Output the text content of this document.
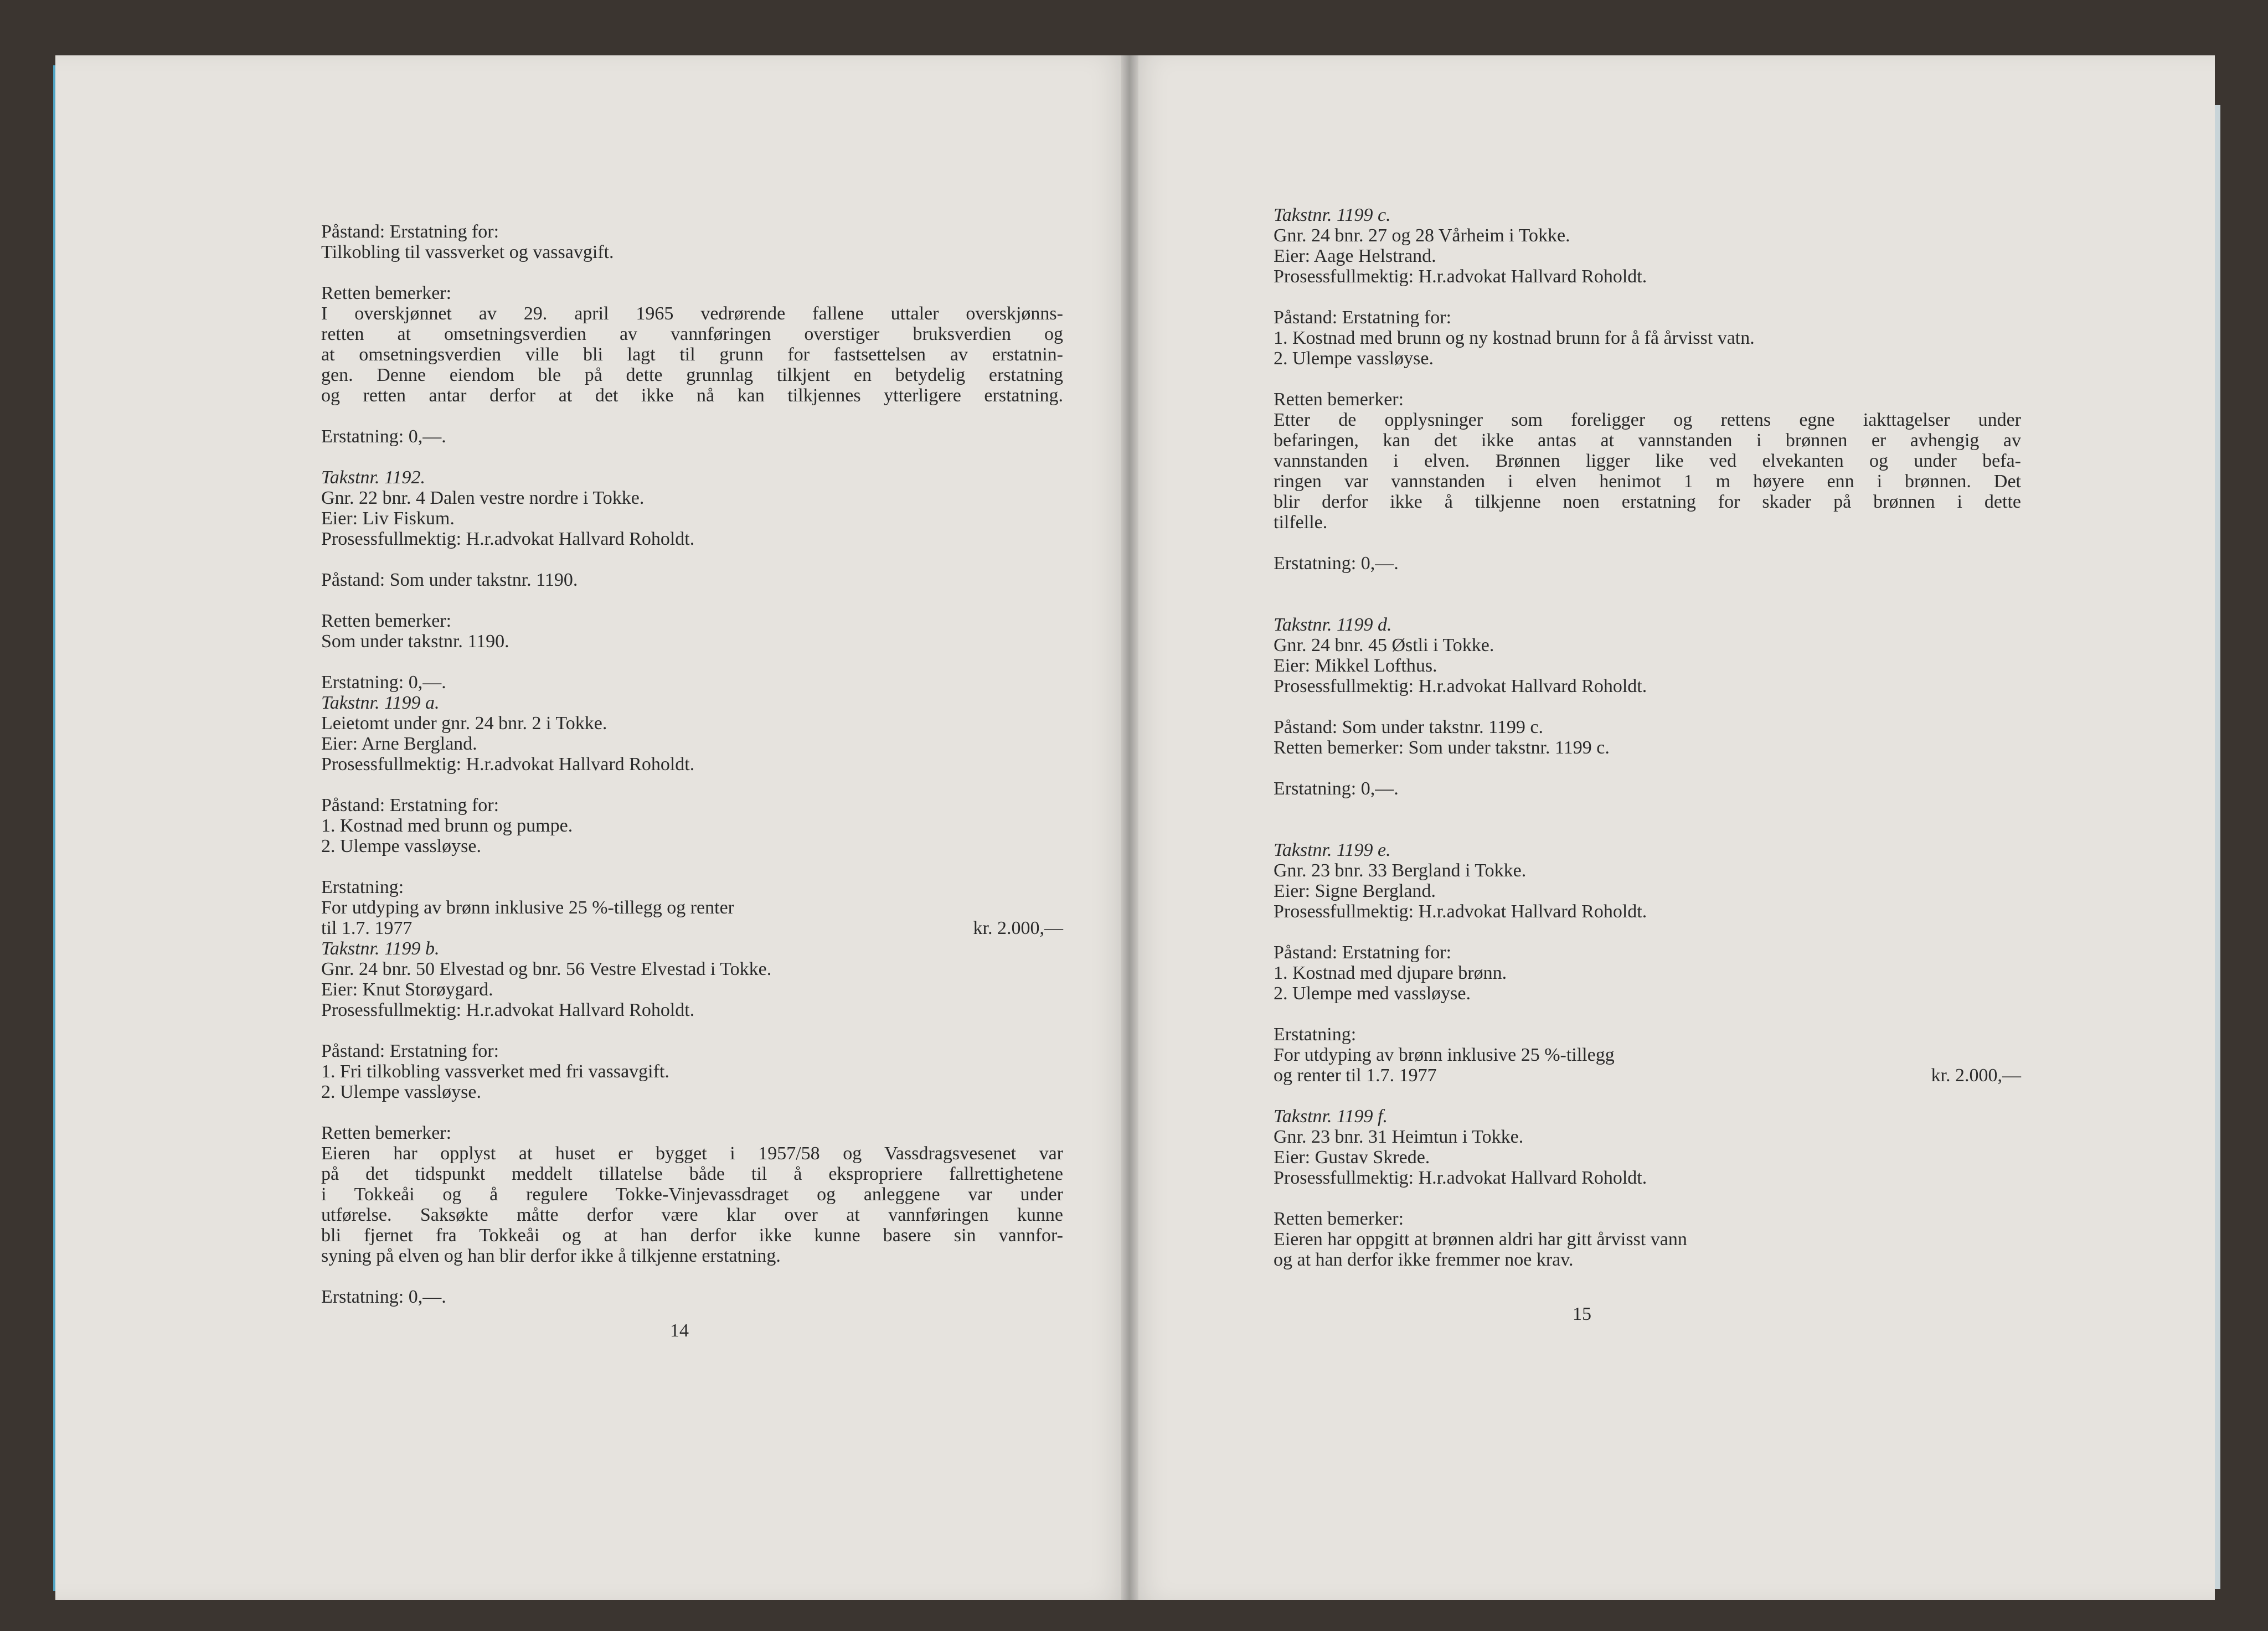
Påstand: Erstatning for:

Tilkobling til vassverket og vassavgift.

Retten bemerker:

I overskjønnet av 29. april 1965 vedrørende fallene uttaler overskjønns-

retten at omsetningsverdien av vannføringen overstiger bruksverdien og

at omsetningsverdien ville bli lagt til grunn for fastsettelsen av erstatnin-

gen. Denne eiendom ble på dette grunnlag tilkjent en betydelig erstatning

og retten antar derfor at det ikke nå kan tilkjennes ytterligere erstatning.

Erstatning: 0,—.

Takstnr. 1192.

Gnr. 22 bnr. 4 Dalen vestre nordre i Tokke.

Eier: Liv Fiskum.

Prosessfullmektig: H.r.advokat Hallvard Roholdt.

Påstand: Som under takstnr. 1190.

Retten bemerker:

Som under takstnr. 1190.

Erstatning: 0,—.

Takstnr. 1199 a.

Leietomt under gnr. 24 bnr. 2 i Tokke.

Eier: Arne Bergland.

Prosessfullmektig: H.r.advokat Hallvard Roholdt.

Påstand: Erstatning for:

1. Kostnad med brunn og pumpe.

2. Ulempe vassløyse.

Erstatning:

For utdyping av brønn inklusive 25 %-tillegg og renter

til 1.7. 1977	kr. 2.000,—

Takstnr. 1199 b.

Gnr. 24 bnr. 50 Elvestad og bnr. 56 Vestre Elvestad i Tokke.

Eier: Knut Storøygard.

Prosessfullmektig: H.r.advokat Hallvard Roholdt.

Påstand: Erstatning for:

1. Fri tilkobling vassverket med fri vassavgift.

2. Ulempe vassløyse.

Retten bemerker:

Eieren har opplyst at huset er bygget i 1957/58 og Vassdragsvesenet var

på det tidspunkt meddelt tillatelse både til å ekspropriere fallrettighetene

i Tokkeåi og å regulere Tokke-Vinjevassdraget og anleggene var under

utførelse. Saksøkte måtte derfor være klar over at vannføringen kunne

bli fjernet fra Tokkeåi og at han derfor ikke kunne basere sin vannfor-

syning på elven og han blir derfor ikke å tilkjenne erstatning.

Erstatning: 0,—.

14

Takstnr. 1199 c.

Gnr. 24 bnr. 27 og 28 Vårheim i Tokke.

Eier: Aage Helstrand.

Prosessfullmektig: H.r.advokat Hallvard Roholdt.

Påstand: Erstatning for:

1. Kostnad med brunn og ny kostnad brunn for å få årvisst vatn.

2. Ulempe vassløyse.

Retten bemerker:

Etter de opplysninger som foreligger og rettens egne iakttagelser under

befaringen, kan det ikke antas at vannstanden i brønnen er avhengig av

vannstanden i elven. Brønnen ligger like ved elvekanten og under befa-

ringen var vannstanden i elven henimot 1 m høyere enn i brønnen. Det

blir derfor ikke å tilkjenne noen erstatning for skader på brønnen i dette

tilfelle.

Erstatning: 0,—.

Takstnr. 1199 d.

Gnr. 24 bnr. 45 Østli i Tokke.

Eier: Mikkel Lofthus.

Prosessfullmektig: H.r.advokat Hallvard Roholdt.

Påstand: Som under takstnr. 1199 c.

Retten bemerker: Som under takstnr. 1199 c.

Erstatning: 0,—.

Takstnr. 1199 e.

Gnr. 23 bnr. 33 Bergland i Tokke.

Eier: Signe Bergland.

Prosessfullmektig: H.r.advokat Hallvard Roholdt.

Påstand: Erstatning for:

1. Kostnad med djupare brønn.

2. Ulempe med vassløyse.

Erstatning:

For utdyping av brønn inklusive 25 %-tillegg

og renter til 1.7. 1977	kr. 2.000,—

Takstnr. 1199 f.

Gnr. 23 bnr. 31 Heimtun i Tokke.

Eier: Gustav Skrede.

Prosessfullmektig: H.r.advokat Hallvard Roholdt.

Retten bemerker:

Eieren har oppgitt at brønnen aldri har gitt årvisst vann

og at han derfor ikke fremmer noe krav.

15
